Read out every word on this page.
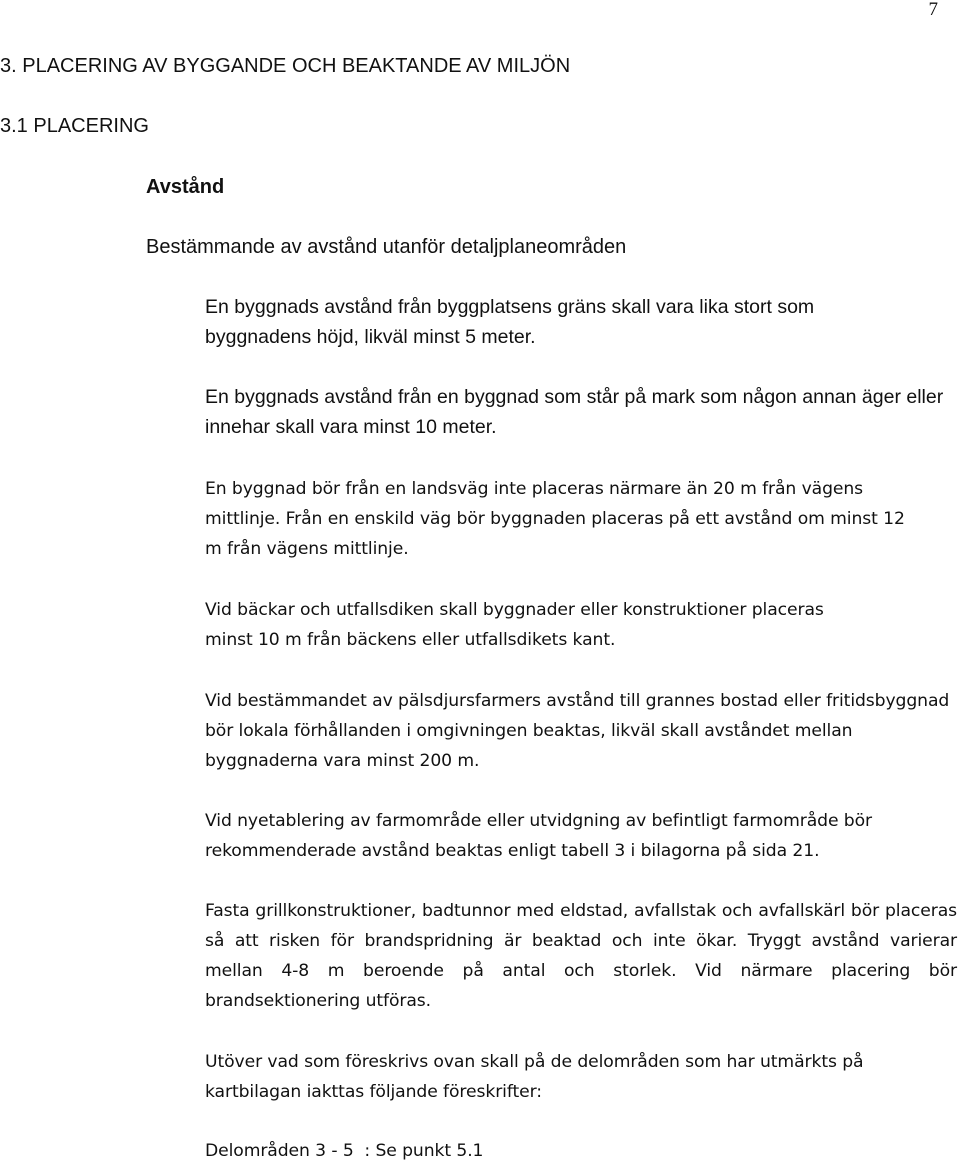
7
3. PLACERING AV BYGGANDE OCH BEAKTANDE AV MILJÖN
3.1 PLACERING
Avstånd
Bestämmande av avstånd utanför detaljplaneområden

En byggnads avstånd från byggplatsens gräns skall vara lika stort som byggnadens höjd, likväl minst 5 meter.

En byggnads avstånd från en byggnad som står på mark som någon annan äger eller innehar skall vara minst 10 meter.

En byggnad bör från en landsväg inte placeras närmare än 20 m från vägens mittlinje. Från en enskild väg bör byggnaden placeras på ett avstånd om minst 12 m från vägens mittlinje.

Vid bäckar och utfallsdiken skall byggnader eller konstruktioner placeras minst 10 m från bäckens eller utfallsdikets kant.

Vid bestämmandet av pälsdjursfarmers avstånd till grannes bostad eller fritidsbyggnad bör lokala förhållanden i omgivningen beaktas, likväl skall avståndet mellan byggnaderna vara minst 200 m.

Vid nyetablering av farmområde eller utvidgning av befintligt farmområde bör rekommenderade avstånd beaktas enligt tabell 3 i bilagorna på sida 21.

Fasta grillkonstruktioner, badtunnor med eldstad, avfallstak och avfallskärl bör placeras så att risken för brandspridning är beaktad och inte ökar. Tryggt avstånd varierar mellan 4-8 m beroende på antal och storlek. Vid närmare placering bör brandsektionering utföras.

Utöver vad som föreskrivs ovan skall på de delområden som har utmärkts på kartbilagan iakttas följande föreskrifter:

Delområden 3 - 5  : Se punkt 5.1
